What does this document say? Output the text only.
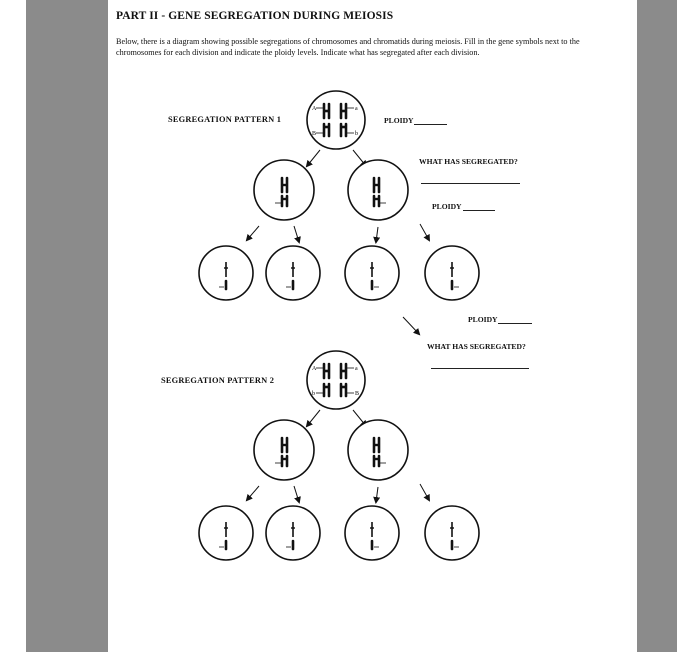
PART II - GENE SEGREGATION DURING MEIOSIS
Below, there is a diagram showing possible segregations of chromosomes and chromatids during meiosis. Fill in the gene symbols next to the chromosomes for each division and indicate the ploidy levels. Indicate what has segregated after each division.
SEGREGATION PATTERN 1	PLOIDY
WHAT HAS SEGREGATED?
PLOIDY
PLOIDY
WHAT HAS SEGREGATED?
SEGREGATION PATTERN 2
A	a
B	b
A	a
b	B
